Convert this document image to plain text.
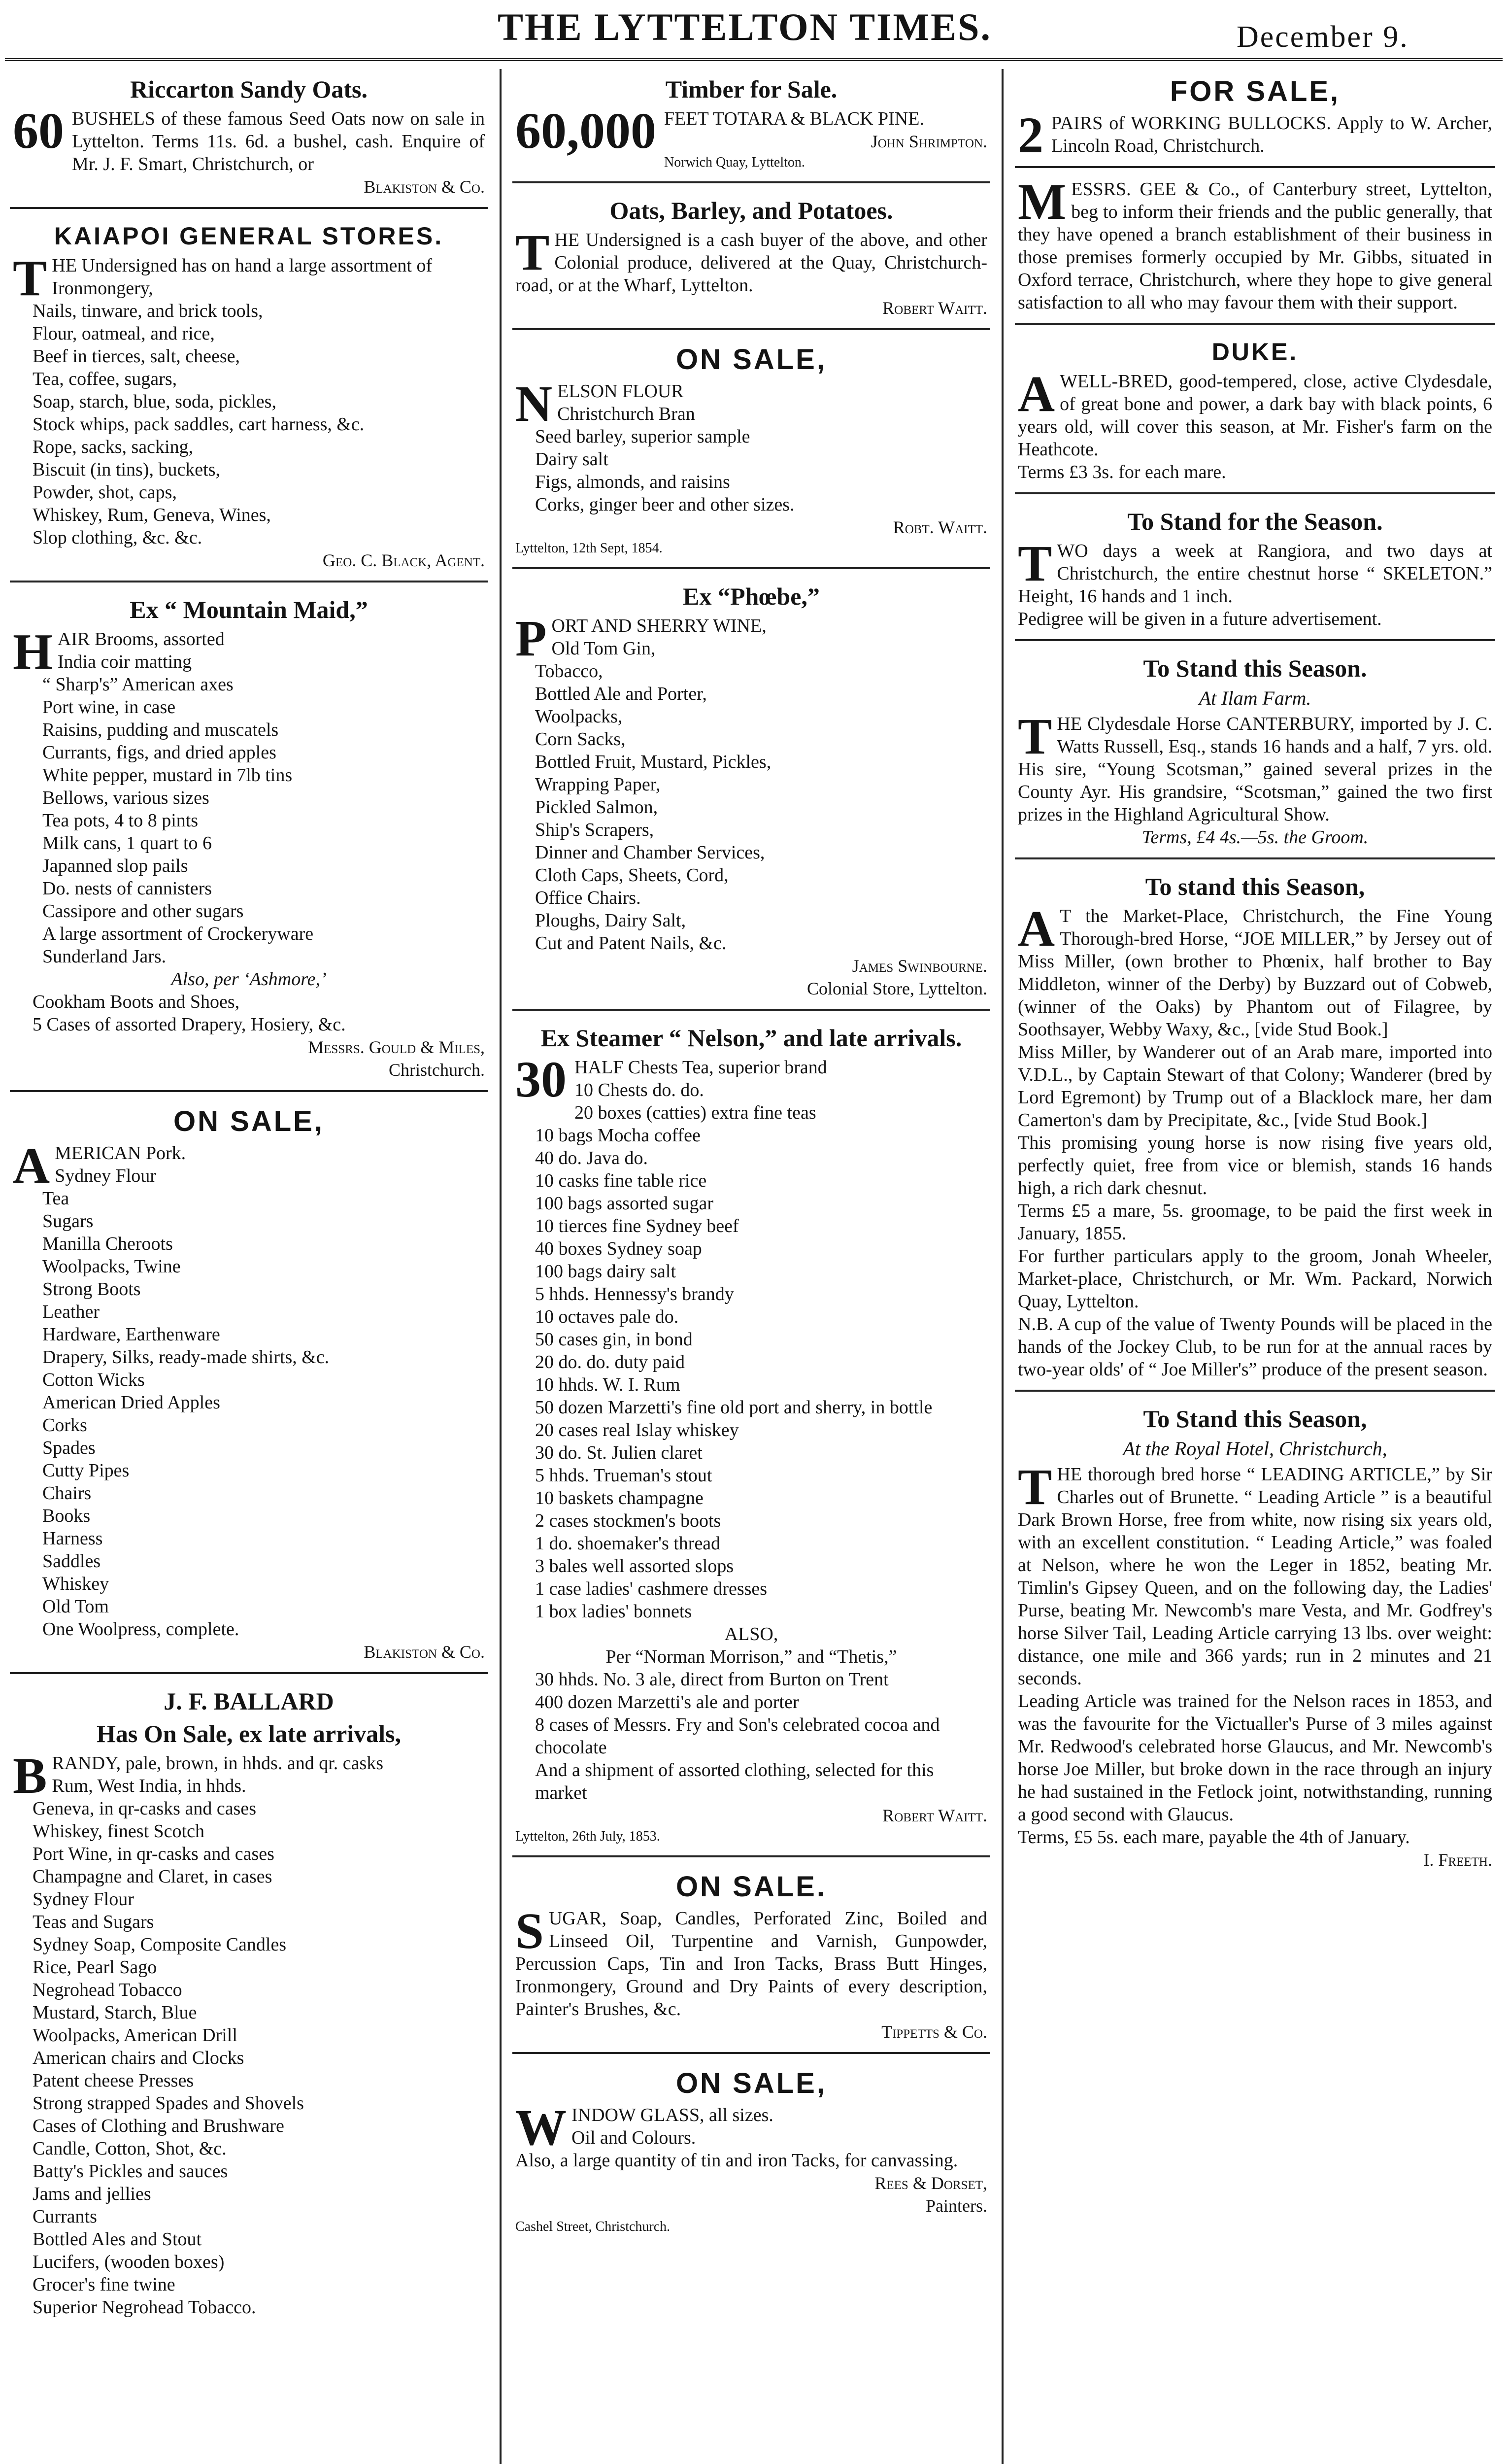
THE LYTTELTON TIMES.	December 9.
Riccarton Sandy Oats.

60 BUSHELS of these famous Seed Oats now on sale in Lyttelton. Terms 11s. 6d. a bushel, cash. Enquire of Mr. J. F. Smart, Christchurch, or

Blakiston & Co.
KAIAPOI GENERAL STORES.

THE Undersigned has on hand a large assortment of

Ironmongery,
Nails, tinware, and brick tools,
Flour, oatmeal, and rice,
Beef in tierces, salt, cheese,
Tea, coffee, sugars,
Soap, starch, blue, soda, pickles,
Stock whips, pack saddles, cart harness, &c.
Rope, sacks, sacking,
Biscuit (in tins), buckets,
Powder, shot, caps,
Whiskey, Rum, Geneva, Wines,
Slop clothing, &c. &c.
Geo. C. Black, Agent.
Ex “ Mountain Maid,”

HAIR Brooms, assorted

India coir matting
“ Sharp's” American axes
Port wine, in case
Raisins, pudding and muscatels
Currants, figs, and dried apples
White pepper, mustard in 7lb tins
Bellows, various sizes
Tea pots, 4 to 8 pints
Milk cans, 1 quart to 6
Japanned slop pails
Do. nests of cannisters
Cassipore and other sugars
A large assortment of Crockeryware
Sunderland Jars.

Also, per ‘Ashmore,’

Cookham Boots and Shoes,
5 Cases of assorted Drapery, Hosiery, &c.
Messrs. Gould & Miles,
Christchurch.
ON SALE,

AMERICAN Pork.

Sydney Flour
Tea
Sugars
Manilla Cheroots
Woolpacks, Twine
Strong Boots
Leather
Hardware, Earthenware
Drapery, Silks, ready-made shirts, &c.
Cotton Wicks
American Dried Apples
Corks
Spades
Cutty Pipes
Chairs
Books
Harness
Saddles
Whiskey
Old Tom
One Woolpress, complete.
Blakiston & Co.
J. F. BALLARD
Has On Sale, ex late arrivals,

BRANDY, pale, brown, in hhds. and qr. casks

Rum, West India, in hhds.
Geneva, in qr-casks and cases
Whiskey, finest Scotch
Port Wine, in qr-casks and cases
Champagne and Claret, in cases
Sydney Flour
Teas and Sugars
Sydney Soap, Composite Candles
Rice, Pearl Sago
Negrohead Tobacco
Mustard, Starch, Blue
Woolpacks, American Drill
American chairs and Clocks
Patent cheese Presses
Strong strapped Spades and Shovels
Cases of Clothing and Brushware
Candle, Cotton, Shot, &c.
Batty's Pickles and sauces
Jams and jellies
Currants
Bottled Ales and Stout
Lucifers, (wooden boxes)
Grocer's fine twine
Superior Negrohead Tobacco.
Timber for Sale.

60,000 FEET TOTARA & BLACK PINE.

John Shrimpton.
Norwich Quay, Lyttelton.
Oats, Barley, and Potatoes.

THE Undersigned is a cash buyer of the above, and other Colonial produce, delivered at the Quay, Christchurch-road, or at the Wharf, Lyttelton.

Robert Waitt.
ON SALE,

NELSON FLOUR

Christchurch Bran
Seed barley, superior sample
Dairy salt
Figs, almonds, and raisins
Corks, ginger beer and other sizes.
Robt. Waitt.
Lyttelton, 12th Sept, 1854.
Ex “Phœbe,”

PORT AND SHERRY WINE,

Old Tom Gin,
Tobacco,
Bottled Ale and Porter,
Woolpacks,
Corn Sacks,
Bottled Fruit, Mustard, Pickles,
Wrapping Paper,
Pickled Salmon,
Ship's Scrapers,
Dinner and Chamber Services,
Cloth Caps, Sheets, Cord,
Office Chairs.
Ploughs, Dairy Salt,
Cut and Patent Nails, &c.
James Swinbourne.
Colonial Store, Lyttelton.
Ex Steamer “ Nelson,” and late arrivals.

30 HALF Chests Tea, superior brand
10 Chests do. do.

20 boxes (catties) extra fine teas
10 bags Mocha coffee
40 do. Java do.
10 casks fine table rice
100 bags assorted sugar
10 tierces fine Sydney beef
40 boxes Sydney soap
100 bags dairy salt
5 hhds. Hennessy's brandy
10 octaves pale do.
50 cases gin, in bond
20 do. do. duty paid
10 hhds. W. I. Rum
50 dozen Marzetti's fine old port and sherry, in bottle
20 cases real Islay whiskey
30 do. St. Julien claret
5 hhds. Trueman's stout
10 baskets champagne
2 cases stockmen's boots
1 do. shoemaker's thread
3 bales well assorted slops
1 case ladies' cashmere dresses
1 box ladies' bonnets

ALSO,

Per “Norman Morrison,” and “Thetis,”

30 hhds. No. 3 ale, direct from Burton on Trent
400 dozen Marzetti's ale and porter
8 cases of Messrs. Fry and Son's celebrated cocoa and chocolate
And a shipment of assorted clothing, selected for this market
Robert Waitt.
Lyttelton, 26th July, 1853.
ON SALE.

SUGAR, Soap, Candles, Perforated Zinc, Boiled and Linseed Oil, Turpentine and Varnish, Gunpowder, Percussion Caps, Tin and Iron Tacks, Brass Butt Hinges, Ironmongery, Ground and Dry Paints of every description, Painter's Brushes, &c.

Tippetts & Co.
ON SALE,

WINDOW GLASS, all sizes.
Oil and Colours.

Also, a large quantity of tin and iron Tacks, for canvassing.

Rees & Dorset,
Painters.
Cashel Street, Christchurch.
FOR SALE,

2 PAIRS of WORKING BULLOCKS. Apply to W. Archer, Lincoln Road, Christchurch.

MESSRS. GEE & Co., of Canterbury street, Lyttelton, beg to inform their friends and the public generally, that they have opened a branch establishment of their business in those premises formerly occupied by Mr. Gibbs, situated in Oxford terrace, Christchurch, where they hope to give general satisfaction to all who may favour them with their support.

DUKE.

AWELL-BRED, good-tempered, close, active Clydesdale, of great bone and power, a dark bay with black points, 6 years old, will cover this season, at Mr. Fisher's farm on the Heathcote.

Terms £3 3s. for each mare.

To Stand for the Season.

TWO days a week at Rangiora, and two days at Christchurch, the entire chestnut horse “ SKELETON.” Height, 16 hands and 1 inch.

Pedigree will be given in a future advertisement.

To Stand this Season.
At Ilam Farm.

THE Clydesdale Horse CANTERBURY, imported by J. C. Watts Russell, Esq., stands 16 hands and a half, 7 yrs. old. His sire, “Young Scotsman,” gained several prizes in the County Ayr. His grandsire, “Scotsman,” gained the two first prizes in the Highland Agricultural Show.

Terms, £4 4s.—5s. the Groom.

To stand this Season,

A T the Market-Place, Christchurch, the Fine Young Thorough-bred Horse, “JOE MILLER,” by Jersey out of Miss Miller, (own brother to Phœnix, half brother to Bay Middleton, winner of the Derby) by Buzzard out of Cobweb, (winner of the Oaks) by Phantom out of Filagree, by Soothsayer, Webby Waxy, &c., [vide Stud Book.]

Miss Miller, by Wanderer out of an Arab mare, imported into V.D.L., by Captain Stewart of that Colony; Wanderer (bred by Lord Egremont) by Trump out of a Blacklock mare, her dam Camerton's dam by Precipitate, &c., [vide Stud Book.]

This promising young horse is now rising five years old, perfectly quiet, free from vice or blemish, stands 16 hands high, a rich dark chesnut.

Terms £5 a mare, 5s. groomage, to be paid the first week in January, 1855.

For further particulars apply to the groom, Jonah Wheeler, Market-place, Christchurch, or Mr. Wm. Packard, Norwich Quay, Lyttelton.

N.B. A cup of the value of Twenty Pounds will be placed in the hands of the Jockey Club, to be run for at the annual races by two-year olds' of “ Joe Miller's” produce of the present season.

To Stand this Season,
At the Royal Hotel, Christchurch,

THE thorough bred horse “ LEADING ARTICLE,” by Sir Charles out of Brunette. “ Leading Article ” is a beautiful Dark Brown Horse, free from white, now rising six years old, with an excellent constitution. “ Leading Article,” was foaled at Nelson, where he won the Leger in 1852, beating Mr. Timlin's Gipsey Queen, and on the following day, the Ladies' Purse, beating Mr. Newcomb's mare Vesta, and Mr. Godfrey's horse Silver Tail, Leading Article carrying 13 lbs. over weight: distance, one mile and 366 yards; run in 2 minutes and 21 seconds.

Leading Article was trained for the Nelson races in 1853, and was the favourite for the Victualler's Purse of 3 miles against Mr. Redwood's celebrated horse Glaucus, and Mr. Newcomb's horse Joe Miller, but broke down in the race through an injury he had sustained in the Fetlock joint, notwithstanding, running a good second with Glaucus.

Terms, £5 5s. each mare, payable the 4th of January.

I. Freeth.
